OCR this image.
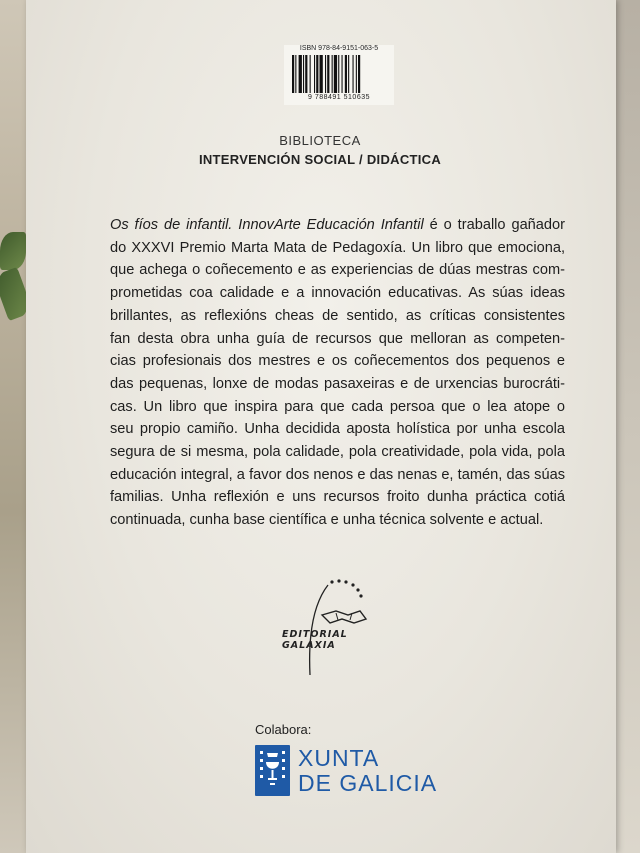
ISBN 978-84-9151-063-5
9 788491 510635
BIBLIOTECA
INTERVENCIÓN SOCIAL / DIDÁCTICA
Os fíos de infantil. InnovArte Educación Infantil é o traballo gañador
do XXXVI Premio Marta Mata de Pedagoxía. Un libro que emociona,
que achega o coñecemento e as experiencias de dúas mestras com-
prometidas coa calidade e a innovación educativas. As súas ideas
brillantes, as reflexións cheas de sentido, as críticas consistentes
fan desta obra unha guía de recursos que melloran as competen-
cias profesionais dos mestres e os coñecementos dos pequenos e
das pequenas, lonxe de modas pasaxeiras e de urxencias burocráti-
cas. Un libro que inspira para que cada persoa que o lea atope o
seu propio camiño. Unha decidida aposta holística por unha escola
segura de si mesma, pola calidade, pola creatividade, pola vida, pola
educación integral, a favor dos nenos e das nenas e, tamén, das súas
familias. Unha reflexión e uns recursos froito dunha práctica cotiá
continuada, cunha base científica e unha técnica solvente e actual.
EDITORIAL GALAXIA
Colabora:
XUNTA
DE GALICIA
